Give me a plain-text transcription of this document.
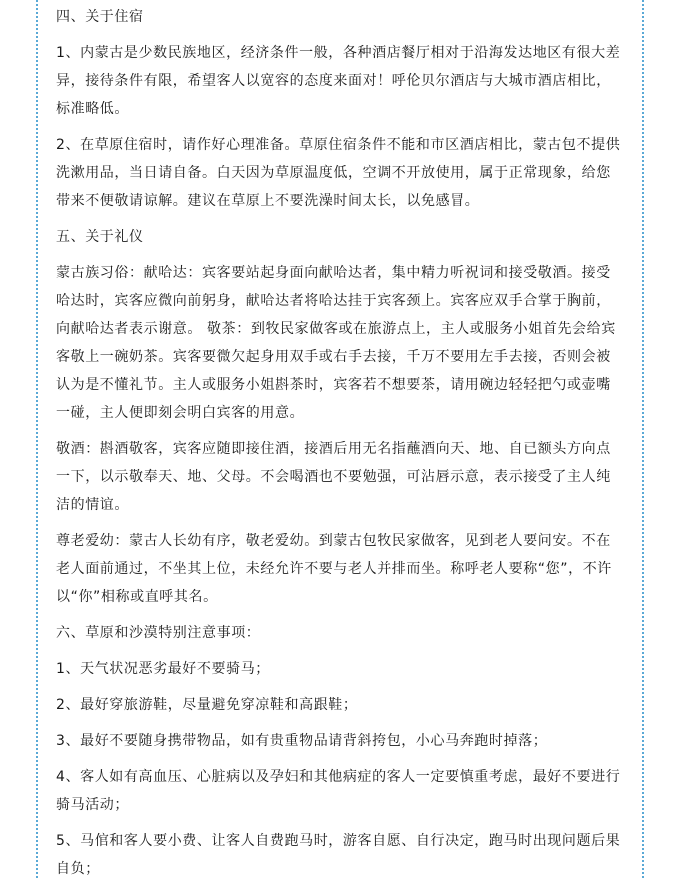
四、关于住宿

1、内蒙古是少数民族地区，经济条件一般，各种酒店餐厅相对于沿海发达地区有很大差异，接待条件有限，希望客人以宽容的态度来面对！呼伦贝尔酒店与大城市酒店相比，标准略低。

2、在草原住宿时，请作好心理准备。草原住宿条件不能和市区酒店相比，蒙古包不提供洗漱用品，当日请自备。白天因为草原温度低，空调不开放使用，属于正常现象，给您带来不便敬请谅解。建议在草原上不要洗澡时间太长，以免感冒。

五、关于礼仪

蒙古族习俗：献哈达：宾客要站起身面向献哈达者，集中精力听祝词和接受敬酒。接受哈达时，宾客应微向前躬身，献哈达者将哈达挂于宾客颈上。宾客应双手合掌于胸前，向献哈达者表示谢意。 敬茶：到牧民家做客或在旅游点上，主人或服务小姐首先会给宾客敬上一碗奶茶。宾客要微欠起身用双手或右手去接，千万不要用左手去接，否则会被认为是不懂礼节。主人或服务小姐斟茶时，宾客若不想要茶，请用碗边轻轻把勺或壶嘴一碰，主人便即刻会明白宾客的用意。

敬酒：斟酒敬客，宾客应随即接住酒，接酒后用无名指蘸酒向天、地、自已额头方向点一下，以示敬奉天、地、父母。不会喝酒也不要勉强，可沾唇示意，表示接受了主人纯洁的情谊。

尊老爱幼：蒙古人长幼有序，敬老爱幼。到蒙古包牧民家做客，见到老人要问安。不在老人面前通过，不坐其上位，未经允许不要与老人并排而坐。称呼老人要称“您”，不许以“你”相称或直呼其名。

六、草原和沙漠特别注意事项：

1、天气状况恶劣最好不要骑马；

2、最好穿旅游鞋，尽量避免穿凉鞋和高跟鞋；

3、最好不要随身携带物品，如有贵重物品请背斜挎包，小心马奔跑时掉落；

4、客人如有高血压、心脏病以及孕妇和其他病症的客人一定要慎重考虑，最好不要进行骑马活动；

5、马倌和客人要小费、让客人自费跑马时，游客自愿、自行决定，跑马时出现问题后果自负；
